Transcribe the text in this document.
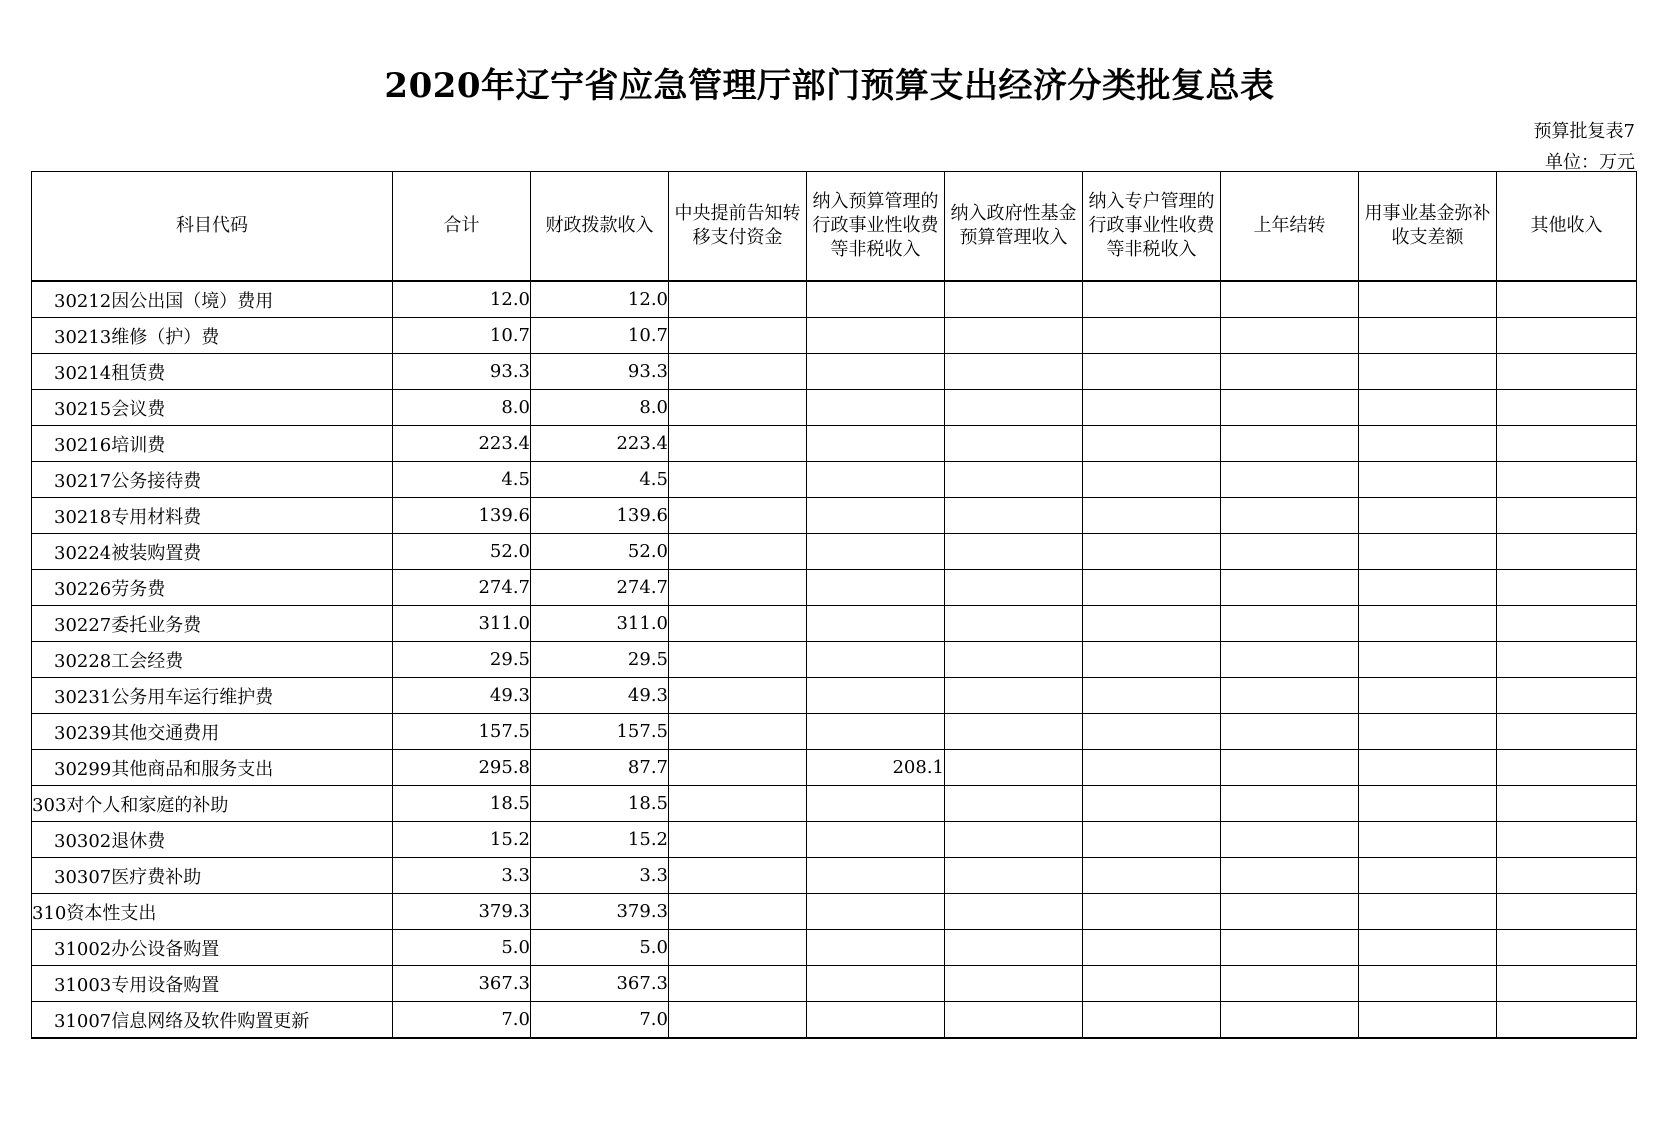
2020年辽宁省应急管理厅部门预算支出经济分类批复总表
预算批复表7
单位：万元
科目代码	合计	财政拨款收入	中央提前告知转移支付资金	纳入预算管理的行政事业性收费等非税收入	纳入政府性基金预算管理收入	纳入专户管理的行政事业性收费等非税收入	上年结转	用事业基金弥补收支差额	其他收入
30212因公出国（境）费用	12.0	12.0							
30213维修（护）费	10.7	10.7							
30214租赁费	93.3	93.3							
30215会议费	8.0	8.0							
30216培训费	223.4	223.4							
30217公务接待费	4.5	4.5							
30218专用材料费	139.6	139.6							
30224被装购置费	52.0	52.0							
30226劳务费	274.7	274.7							
30227委托业务费	311.0	311.0							
30228工会经费	29.5	29.5							
30231公务用车运行维护费	49.3	49.3							
30239其他交通费用	157.5	157.5							
30299其他商品和服务支出	295.8	87.7		208.1					
303对个人和家庭的补助	18.5	18.5							
30302退休费	15.2	15.2							
30307医疗费补助	3.3	3.3							
310资本性支出	379.3	379.3							
31002办公设备购置	5.0	5.0							
31003专用设备购置	367.3	367.3							
31007信息网络及软件购置更新	7.0	7.0							
